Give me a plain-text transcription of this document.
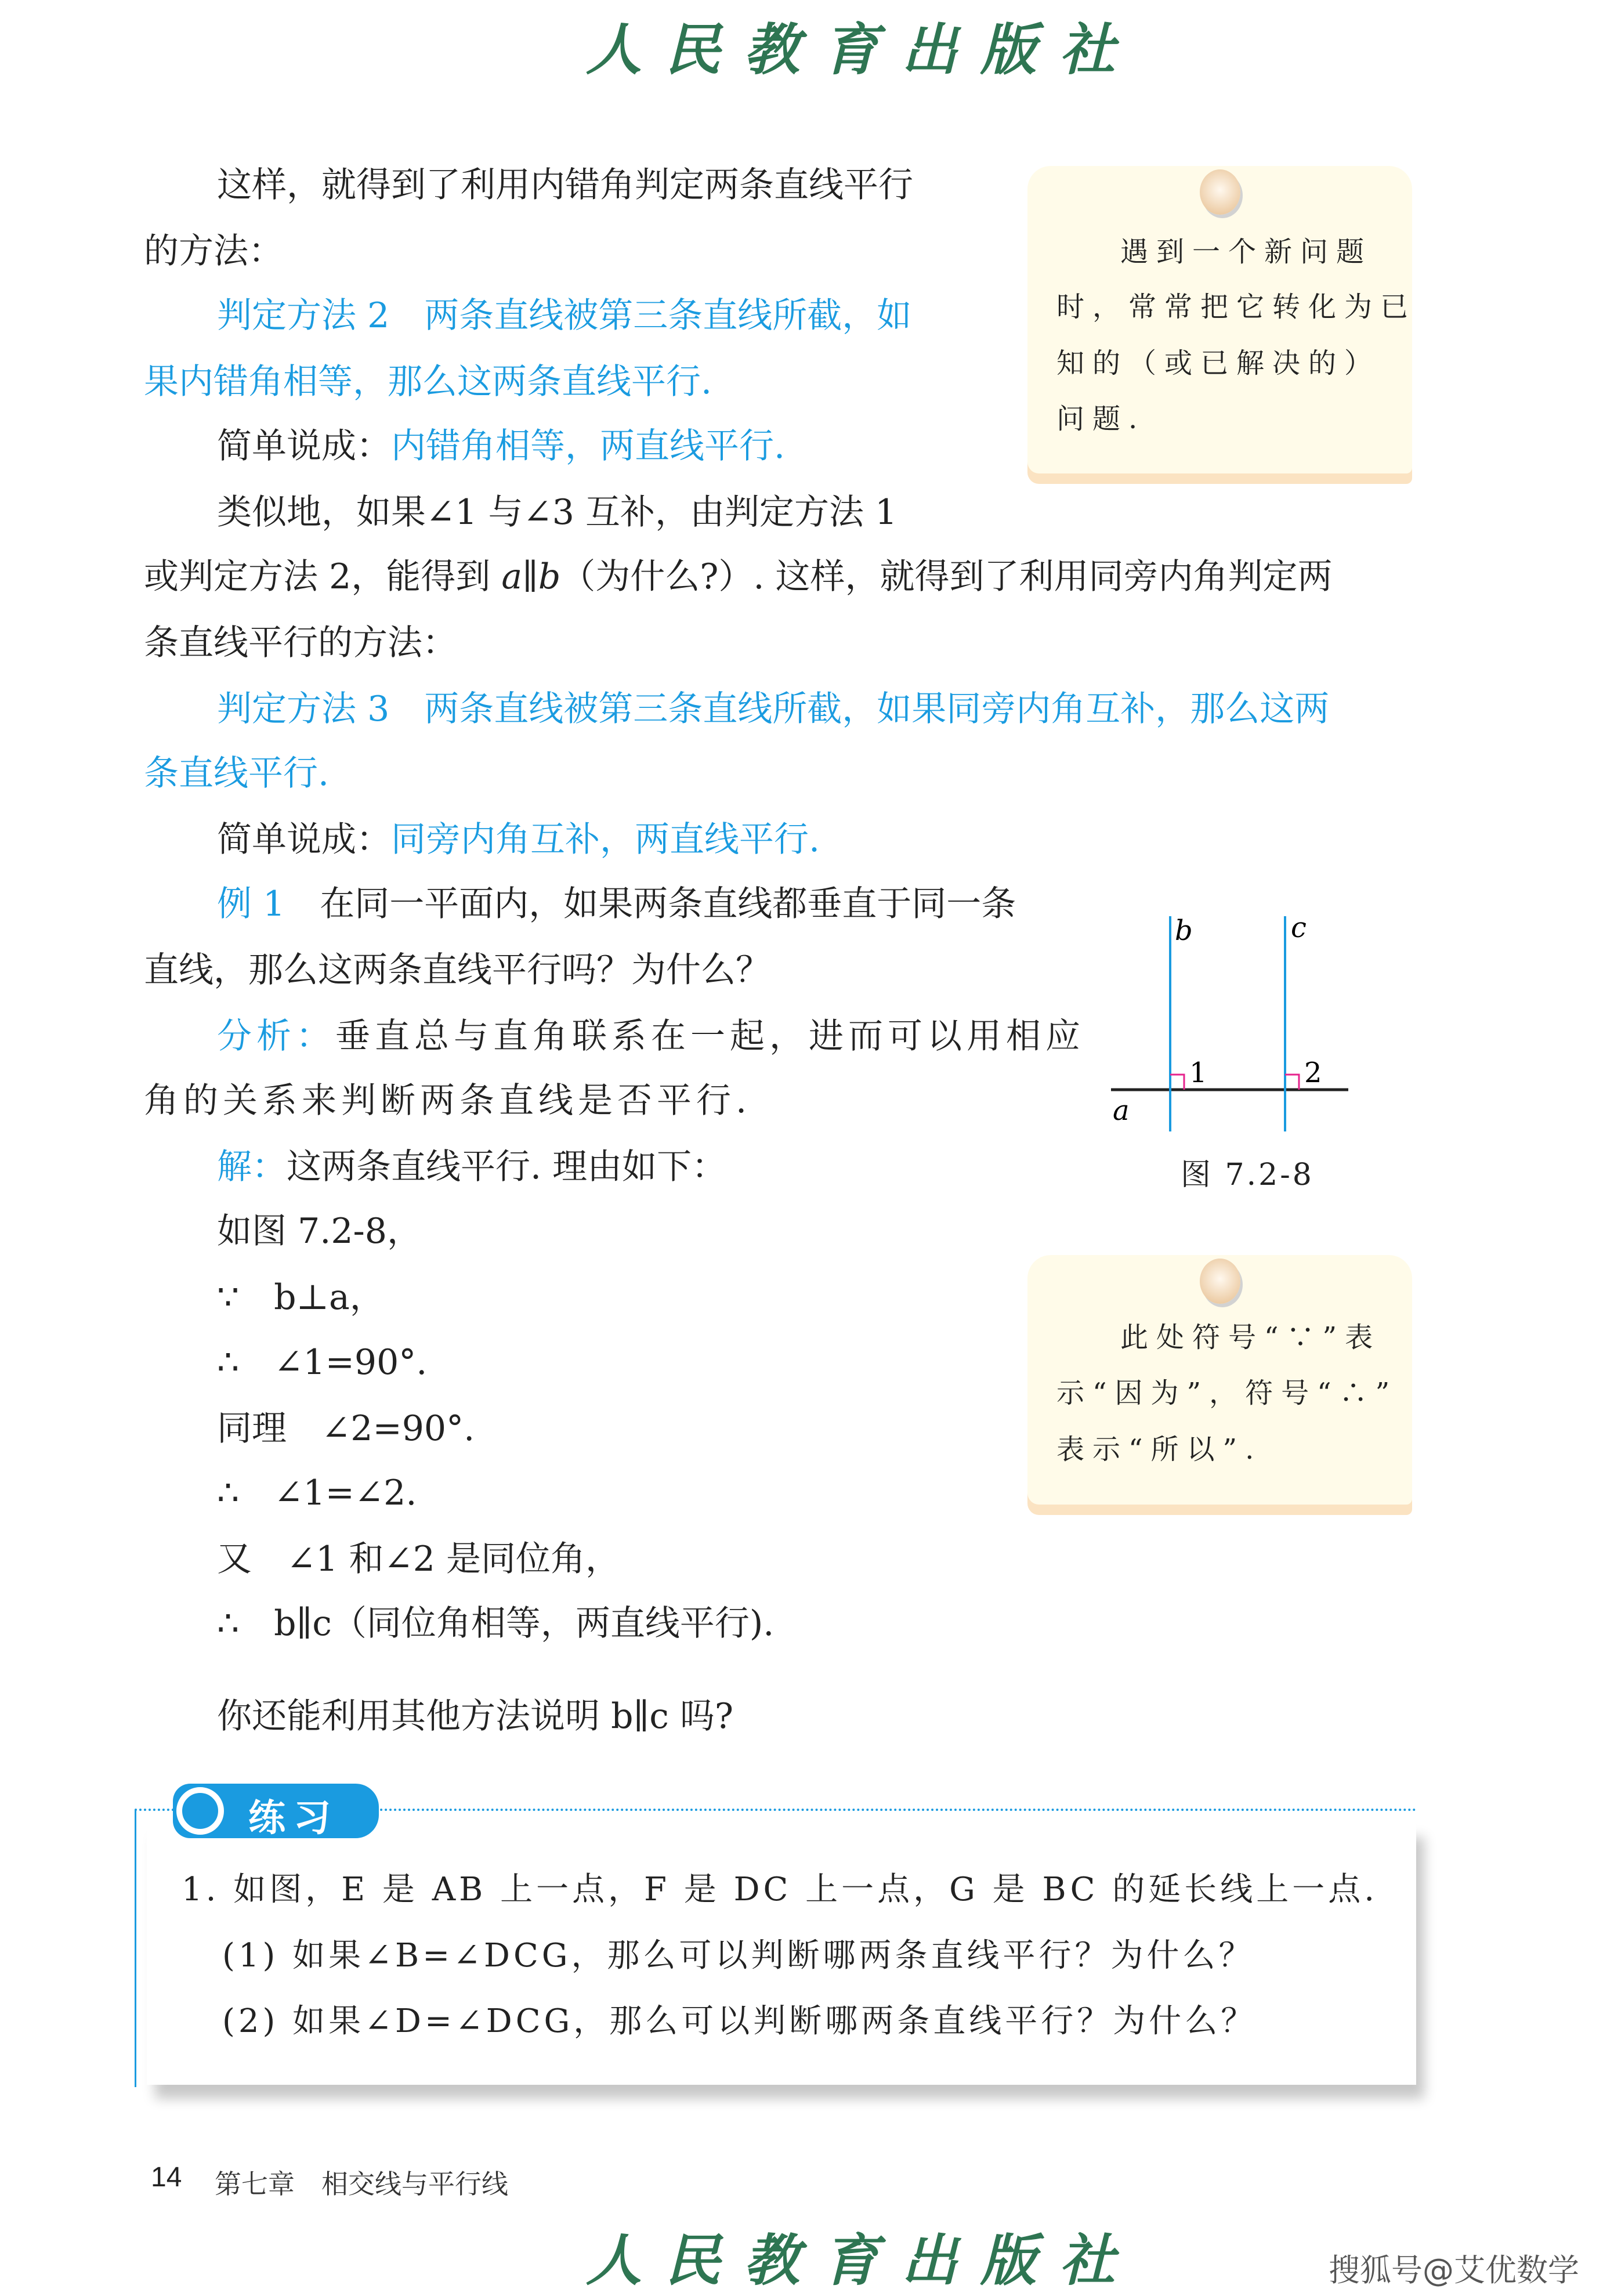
人民教育出版社
这样，就得到了利用内错角判定两条直线平行
的方法：
判定方法 2　 两条直线被第三条直线所截，如
果内错角相等，那么这两条直线平行.
简单说成：内错角相等，两直线平行.
类似地，如果∠1 与∠3 互补，由判定方法 1
或判定方法 2，能得到 a∥b（为什么?）. 这样，就得到了利用同旁内角判定两
条直线平行的方法：
判定方法 3　 两条直线被第三条直线所截，如果同旁内角互补，那么这两
条直线平行.
简单说成：同旁内角互补，两直线平行.
例 1　 在同一平面内，如果两条直线都垂直于同一条
直线，那么这两条直线平行吗？为什么？
分析：垂直总与直角联系在一起，进而可以用相应
角的关系来判断两条直线是否平行.
解：这两条直线平行. 理由如下：
如图 7.2-8，
∵　b⊥a，
∴　∠1=90°.
同理　∠2=90°.
∴　∠1=∠2.
又　∠1 和∠2 是同位角，
∴　b∥c（同位角相等，两直线平行).
你还能利用其他方法说明 b∥c 吗?
遇到一个新问题
时，常常把它转化为已
知的（或已解决的）
问题.
此处符号“∵”表
示“因为”，符号“∴”
表示“所以”.
b	c
a
1	2
图 7.2-8
1. 如图，E 是 AB 上一点，F 是 DC 上一点，G 是 BC 的延长线上一点.
(1) 如果∠B=∠DCG，那么可以判断哪两条直线平行？为什么？
(2) 如果∠D=∠DCG，那么可以判断哪两条直线平行？为什么？
练习
14 第七章　相交线与平行线
人民教育出版社	搜狐号@艾优数学
